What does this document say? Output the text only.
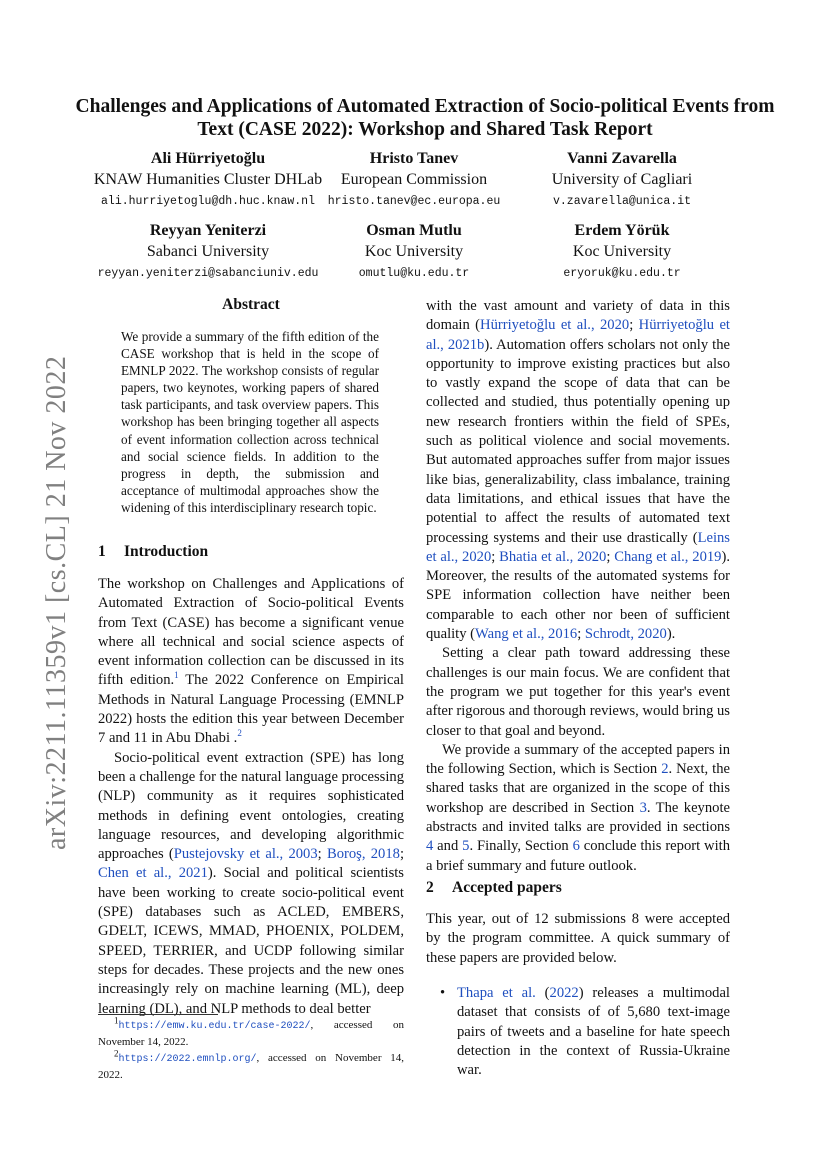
arXiv:2211.11359v1 [cs.CL] 21 Nov 2022
Challenges and Applications of Automated Extraction of Socio-political Events from Text (CASE 2022): Workshop and Shared Task Report
Ali Hürriyetoğlu
KNAW Humanities Cluster DHLab
ali.hurriyetoglu@dh.huc.knaw.nl
Hristo Tanev
European Commission
hristo.tanev@ec.europa.eu
Vanni Zavarella
University of Cagliari
v.zavarella@unica.it
Reyyan Yeniterzi
Sabanci University
reyyan.yeniterzi@sabanciuniv.edu
Osman Mutlu
Koc University
omutlu@ku.edu.tr
Erdem Yörük
Koc University
eryoruk@ku.edu.tr
Abstract
We provide a summary of the fifth edition of the CASE workshop that is held in the scope of EMNLP 2022. The workshop consists of regular papers, two keynotes, working papers of shared task participants, and task overview papers. This workshop has been bringing together all aspects of event information collection across technical and social science fields. In addition to the progress in depth, the submission and acceptance of multimodal approaches show the widening of this interdisciplinary research topic.
1 Introduction

The workshop on Challenges and Applications of Automated Extraction of Socio-political Events from Text (CASE) has become a significant venue where all technical and social science aspects of event information collection can be discussed in its fifth edition.$^1$ The 2022 Conference on Empirical Methods in Natural Language Processing (EMNLP 2022) hosts the edition this year between December 7 and 11 in Abu Dhabi .$^2$

Socio-political event extraction (SPE) has long been a challenge for the natural language processing (NLP) community as it requires sophisticated methods in defining event ontologies, creating language resources, and developing algorithmic approaches (Pustejovsky et al., 2003; Boroş, 2018; Chen et al., 2021). Social and political scientists have been working to create socio-political event (SPE) databases such as ACLED, EMBERS, GDELT, ICEWS, MMAD, PHOENIX, POLDEM, SPEED, TERRIER, and UCDP following similar steps for decades. These projects and the new ones increasingly rely on machine learning (ML), deep learning (DL), and NLP methods to deal better

$^1$https://emw.ku.edu.tr/case-2022/, accessed on November 14, 2022.

$^2$https://2022.emnlp.org/, accessed on November 14, 2022.

with the vast amount and variety of data in this domain (Hürriyetoğlu et al., 2020; Hürriyetoğlu et al., 2021b). Automation offers scholars not only the opportunity to improve existing practices but also to vastly expand the scope of data that can be collected and studied, thus potentially opening up new research frontiers within the field of SPEs, such as political violence and social movements. But automated approaches suffer from major issues like bias, generalizability, class imbalance, training data limitations, and ethical issues that have the potential to affect the results of automated text processing systems and their use drastically (Leins et al., 2020; Bhatia et al., 2020; Chang et al., 2019). Moreover, the results of the automated systems for SPE information collection have neither been comparable to each other nor been of sufficient quality (Wang et al., 2016; Schrodt, 2020).

Setting a clear path toward addressing these challenges is our main focus. We are confident that the program we put together for this year's event after rigorous and thorough reviews, would bring us closer to that goal and beyond.

We provide a summary of the accepted papers in the following Section, which is Section 2. Next, the shared tasks that are organized in the scope of this workshop are described in Section 3. The keynote abstracts and invited talks are provided in sections 4 and 5. Finally, Section 6 conclude this report with a brief summary and future outlook.

2 Accepted papers

This year, out of 12 submissions 8 were accepted by the program committee. A quick summary of these papers are provided below.

• Thapa et al. (2022) releases a multimodal dataset that consists of of 5,680 text-image pairs of tweets and a baseline for hate speech detection in the context of Russia-Ukraine war.
